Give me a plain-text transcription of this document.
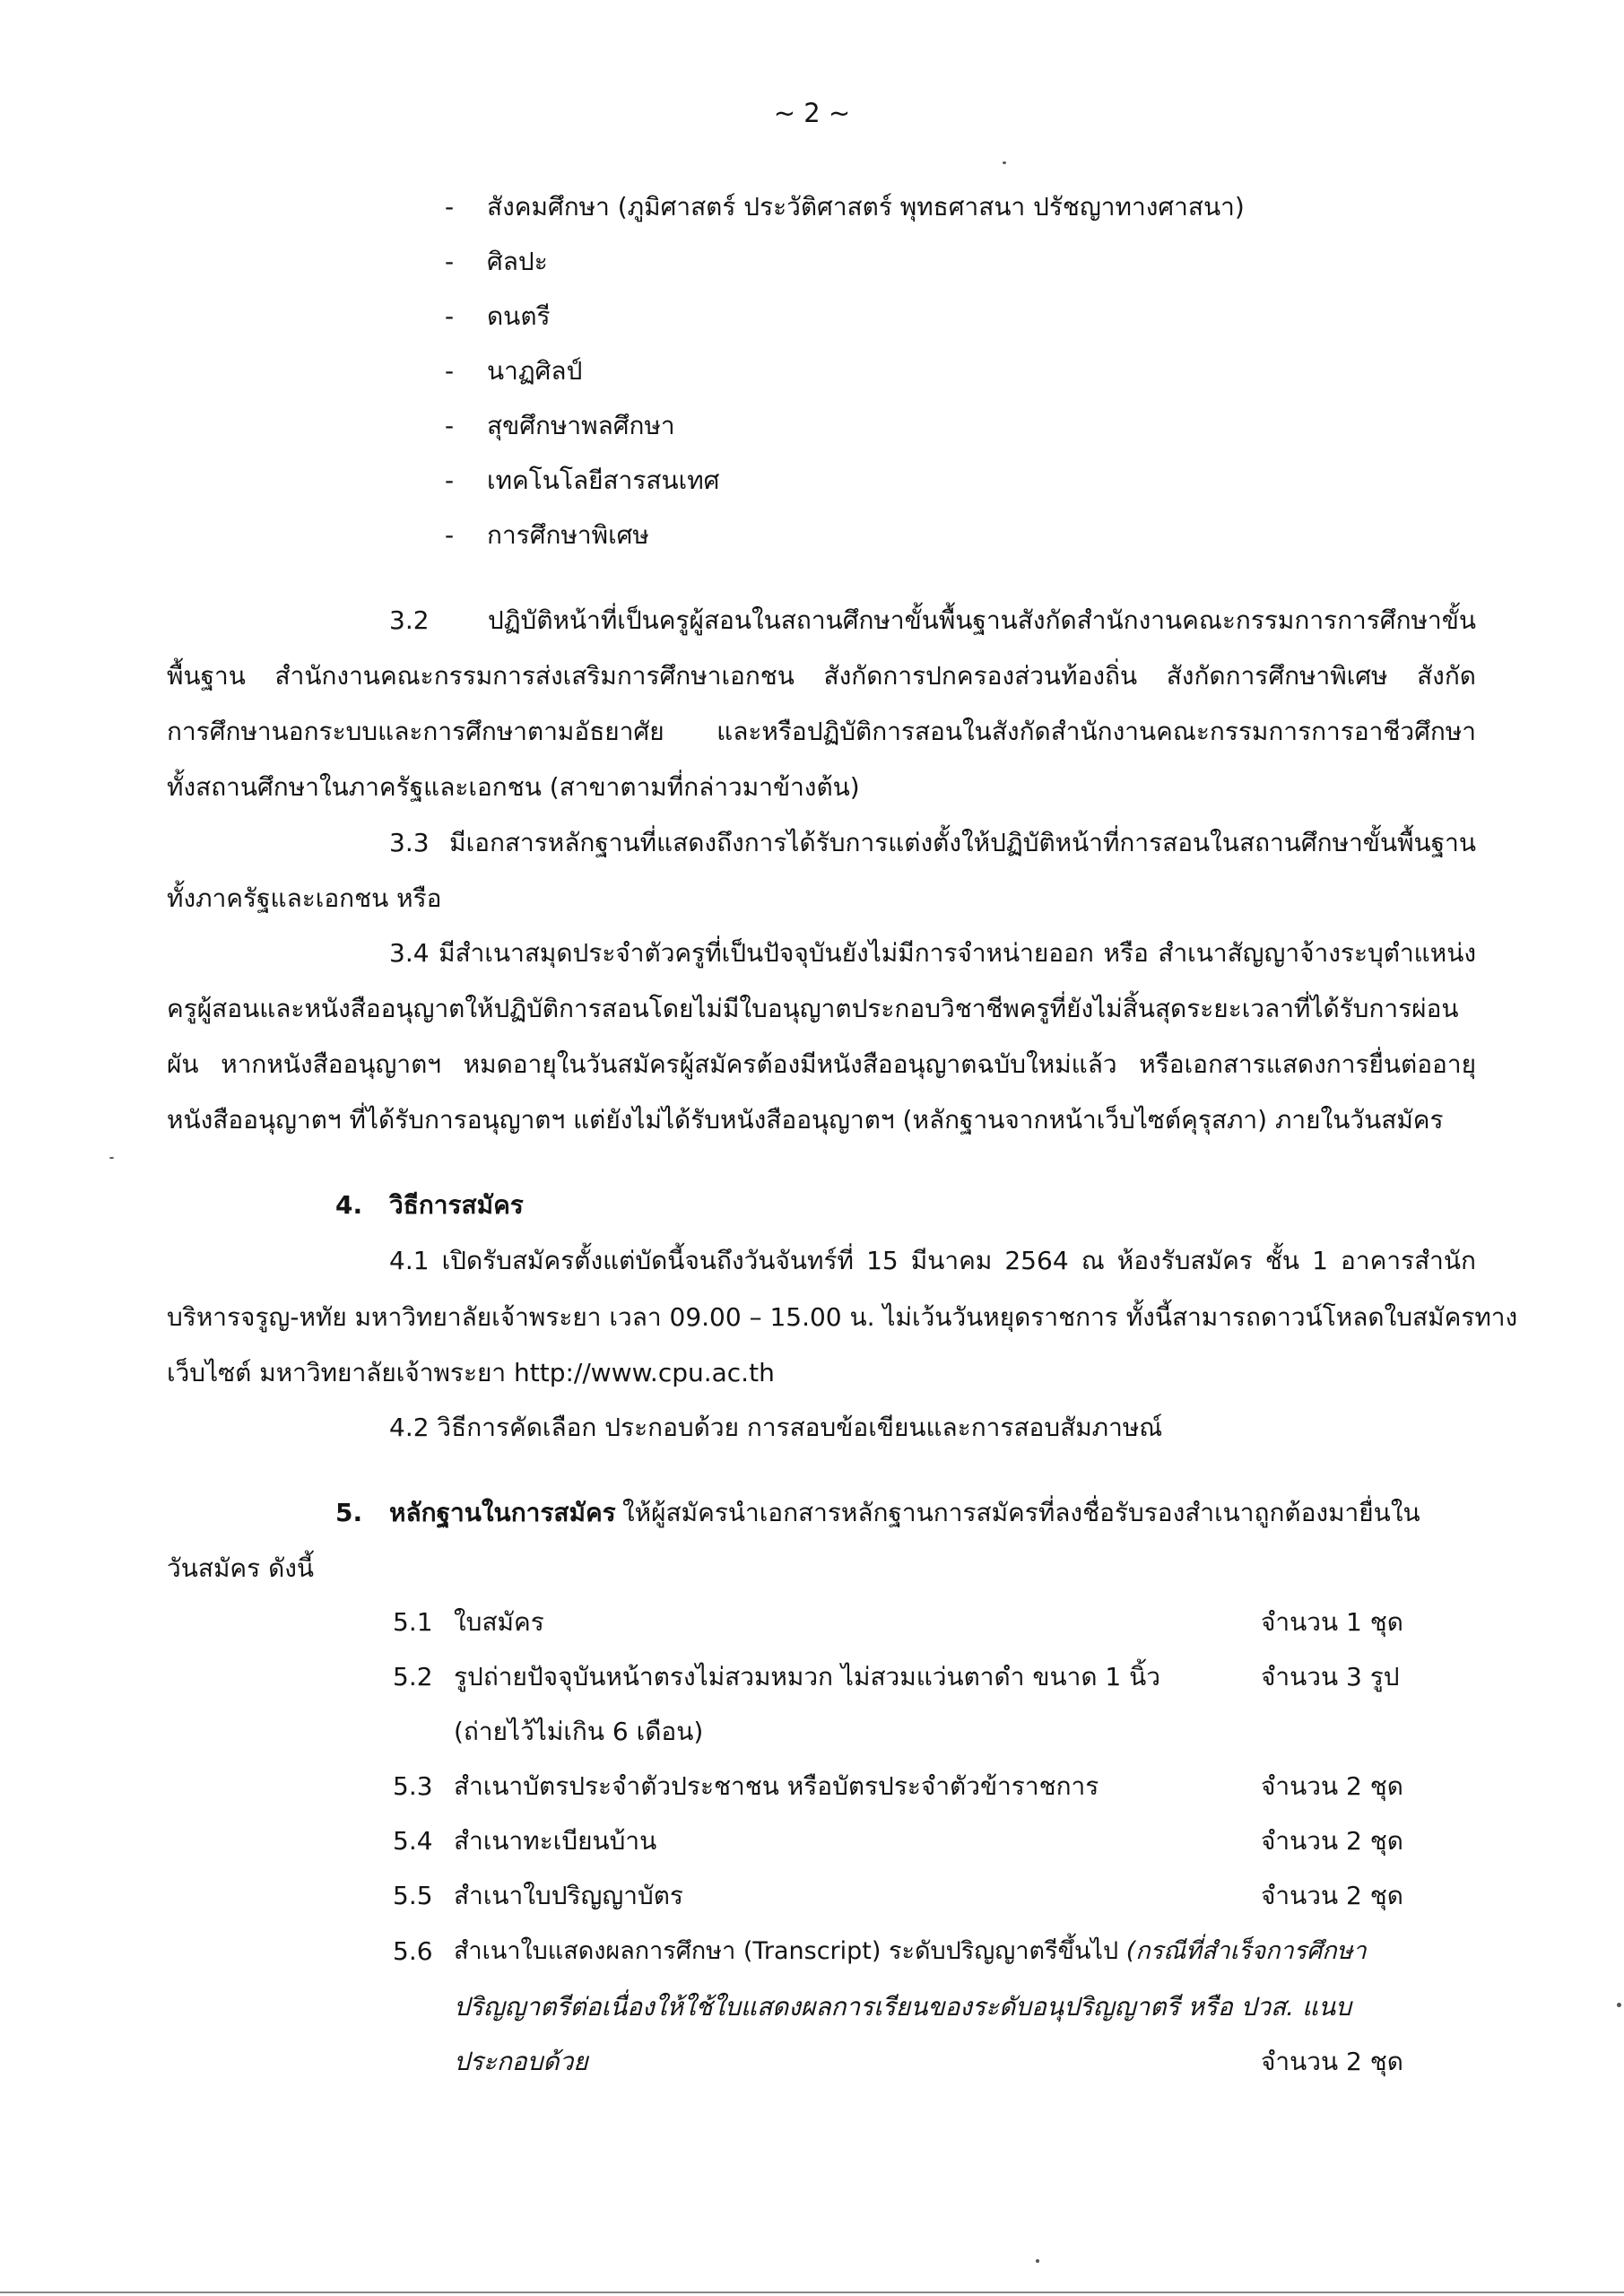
~ 2 ~
- สังคมศึกษา (ภูมิศาสตร์ ประวัติศาสตร์ พุทธศาสนา ปรัชญาทางศาสนา)
- ศิลปะ
- ดนตรี
- นาฏศิลป์
- สุขศึกษาพลศึกษา
- เทคโนโลยีสารสนเทศ
- การศึกษาพิเศษ
3.2 ปฏิบัติหน้าที่เป็นครูผู้สอนในสถานศึกษาขั้นพื้นฐานสังกัดสำนักงานคณะกรรมการการศึกษาขั้น
พื้นฐาน สำนักงานคณะกรรมการส่งเสริมการศึกษาเอกชน สังกัดการปกครองส่วนท้องถิ่น สังกัดการศึกษาพิเศษ สังกัด
การศึกษานอกระบบและการศึกษาตามอัธยาศัย และหรือปฏิบัติการสอนในสังกัดสำนักงานคณะกรรมการการอาชีวศึกษา
ทั้งสถานศึกษาในภาครัฐและเอกชน (สาขาตามที่กล่าวมาข้างต้น)
3.3 มีเอกสารหลักฐานที่แสดงถึงการได้รับการแต่งตั้งให้ปฏิบัติหน้าที่การสอนในสถานศึกษาขั้นพื้นฐาน
ทั้งภาครัฐและเอกชน หรือ
3.4 มีสำเนาสมุดประจำตัวครูที่เป็นปัจจุบันยังไม่มีการจำหน่ายออก หรือ สำเนาสัญญาจ้างระบุตำแหน่ง
ครูผู้สอนและหนังสืออนุญาตให้ปฏิบัติการสอนโดยไม่มีใบอนุญาตประกอบวิชาชีพครูที่ยังไม่สิ้นสุดระยะเวลาที่ได้รับการผ่อน
ผัน หากหนังสืออนุญาตฯ หมดอายุในวันสมัครผู้สมัครต้องมีหนังสืออนุญาตฉบับใหม่แล้ว หรือเอกสารแสดงการยื่นต่ออายุ
หนังสืออนุญาตฯ ที่ได้รับการอนุญาตฯ แต่ยังไม่ได้รับหนังสืออนุญาตฯ (หลักฐานจากหน้าเว็บไซต์คุรุสภา) ภายในวันสมัคร
4. วิธีการสมัคร
4.1 เปิดรับสมัครตั้งแต่บัดนี้จนถึงวันจันทร์ที่ 15 มีนาคม 2564 ณ ห้องรับสมัคร ชั้น 1 อาคารสำนัก
บริหารจรูญ-หทัย มหาวิทยาลัยเจ้าพระยา เวลา 09.00 – 15.00 น. ไม่เว้นวันหยุดราชการ ทั้งนี้สามารถดาวน์โหลดใบสมัครทาง
เว็บไซต์ มหาวิทยาลัยเจ้าพระยา http://www.cpu.ac.th
4.2 วิธีการคัดเลือก ประกอบด้วย การสอบข้อเขียนและการสอบสัมภาษณ์
5. หลักฐานในการสมัคร ให้ผู้สมัครนำเอกสารหลักฐานการสมัครที่ลงชื่อรับรองสำเนาถูกต้องมายื่นใน
วันสมัคร ดังนี้
5.1 ใบสมัคร	จำนวน 1 ชุด
5.2 รูปถ่ายปัจจุบันหน้าตรงไม่สวมหมวก ไม่สวมแว่นตาดำ ขนาด 1 นิ้ว	จำนวน 3 รูป
(ถ่ายไว้ไม่เกิน 6 เดือน)
5.3 สำเนาบัตรประจำตัวประชาชน หรือบัตรประจำตัวข้าราชการ	จำนวน 2 ชุด
5.4 สำเนาทะเบียนบ้าน	จำนวน 2 ชุด
5.5 สำเนาใบปริญญาบัตร	จำนวน 2 ชุด
5.6 สำเนาใบแสดงผลการศึกษา (Transcript) ระดับปริญญาตรีขึ้นไป (กรณีที่สำเร็จการศึกษา
ปริญญาตรีต่อเนื่องให้ใช้ใบแสดงผลการเรียนของระดับอนุปริญญาตรี หรือ ปวส. แนบ
ประกอบด้วย	จำนวน 2 ชุด
